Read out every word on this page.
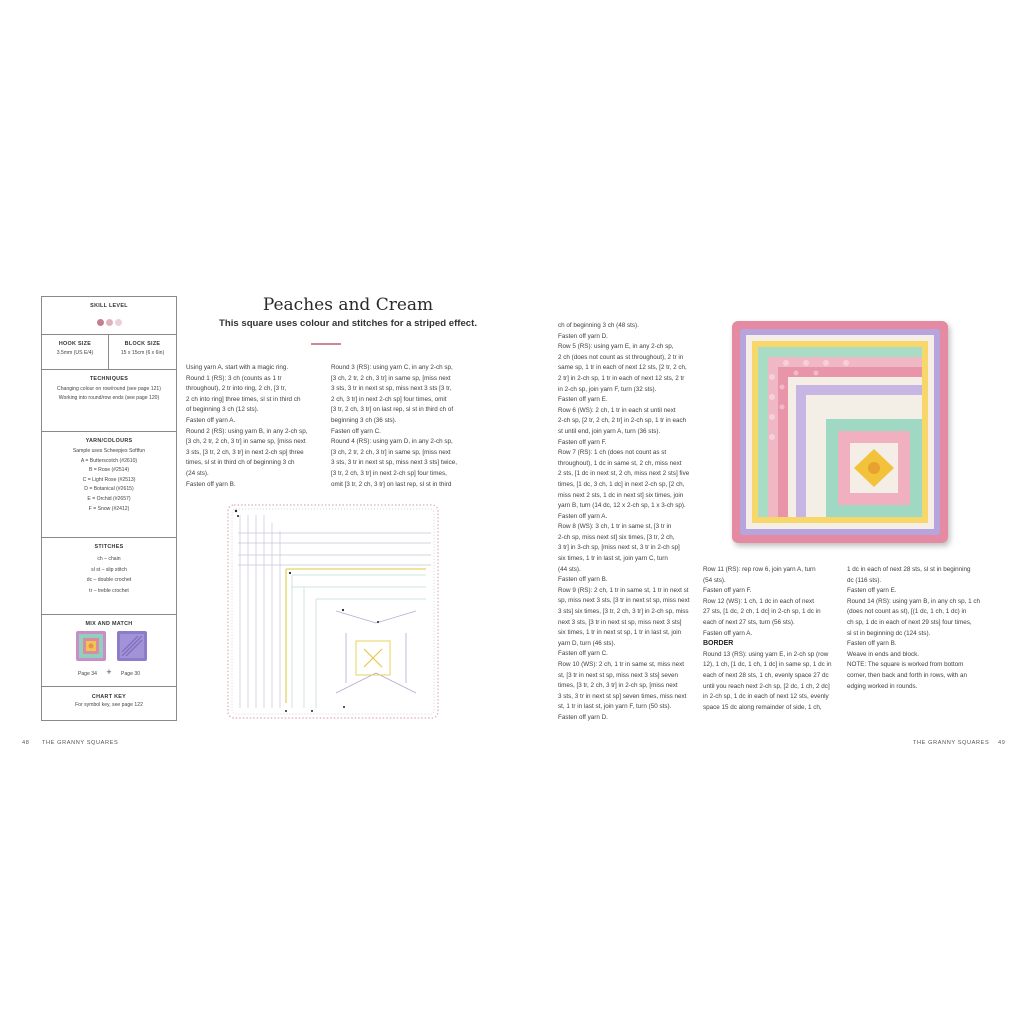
SKILL LEVEL
HOOK SIZE
3.5mm (US E/4)
BLOCK SIZE
15 x 15cm (6 x 6in)
TECHNIQUES
Changing colour on row/round (see page 121)
Working into round/row ends (see page 120)
YARN/COLOURS
Sample uses Scheepjes Softfun
A = Butterscotch (#2610)
B = Rose (#2514)
C = Light Rose (#2513)
D = Botanical (#2615)
E = Orchid (#2657)
F = Snow (#2412)
STITCHES
ch – chain
sl st – slip stitch
dc – double crochet
tr – treble crochet
MIX AND MATCH
Page 34 + Page 30
CHART KEY
For symbol key, see page 122
Peaches and Cream
This square uses colour and stitches for a striped effect.
Using yarn A, start with a magic ring.
Round 1 (RS): 3 ch (counts as 1 tr
throughout), 2 tr into ring, 2 ch, [3 tr,
2 ch into ring] three times, sl st in third ch
of beginning 3 ch (12 sts).
Fasten off yarn A.
Round 2 (RS): using yarn B, in any 2-ch sp,
[3 ch, 2 tr, 2 ch, 3 tr] in same sp, [miss next
3 sts, [3 tr, 2 ch, 3 tr] in next 2-ch sp] three
times, sl st in third ch of beginning 3 ch
(24 sts).
Fasten off yarn B.
Round 3 (RS): using yarn C, in any 2-ch sp,
[3 ch, 2 tr, 2 ch, 3 tr] in same sp, [miss next
3 sts, 3 tr in next st sp, miss next 3 sts [3 tr,
2 ch, 3 tr] in next 2-ch sp] four times, omit
[3 tr, 2 ch, 3 tr] on last rep, sl st in third ch of
beginning 3 ch (36 sts).
Fasten off yarn C.
Round 4 (RS): using yarn D, in any 2-ch sp,
[3 ch, 2 tr, 2 ch, 3 tr] in same sp, [miss next
3 sts, 3 tr in next st sp, miss next 3 sts] twice,
[3 tr, 2 ch, 3 tr] in next 2-ch sp] four times,
omit [3 tr, 2 ch, 3 tr] on last rep, sl st in third
ch of beginning 3 ch (48 sts).
Fasten off yarn D.
Row 5 (RS): using yarn E, in any 2-ch sp,
2 ch (does not count as st throughout), 2 tr in
same sp, 1 tr in each of next 12 sts, [2 tr, 2 ch,
2 tr] in 2-ch sp, 1 tr in each of next 12 sts, 2 tr
in 2-ch sp, join yarn F, turn (32 sts).
Fasten off yarn E.
Row 6 (WS): 2 ch, 1 tr in each st until next
2-ch sp, [2 tr, 2 ch, 2 tr] in 2-ch sp, 1 tr in each
st until end, join yarn A, turn (36 sts).
Fasten off yarn F.
Row 7 (RS): 1 ch (does not count as st
throughout), 1 dc in same st, 2 ch, miss next
2 sts, [1 dc in next st, 2 ch, miss next 2 sts] five
times, [1 dc, 3 ch, 1 dc] in next 2-ch sp, [2 ch,
miss next 2 sts, 1 dc in next st] six times, join
yarn B, turn (14 dc, 12 x 2-ch sp, 1 x 3-ch sp).
Fasten off yarn A.
Row 8 (WS): 3 ch, 1 tr in same st, [3 tr in
2-ch sp, miss next st] six times, [3 tr, 2 ch,
3 tr] in 3-ch sp, [miss next st, 3 tr in 2-ch sp]
six times, 1 tr in last st, join yarn C, turn
(44 sts).
Fasten off yarn B.
Row 9 (RS): 2 ch, 1 tr in same st, 1 tr in next st
sp, miss next 3 sts, [3 tr in next st sp, miss next
3 sts] six times, [3 tr, 2 ch, 3 tr] in 2-ch sp, miss
next 3 sts, [3 tr in next st sp, miss next 3 sts]
six times, 1 tr in next st sp, 1 tr in last st, join
yarn D, turn (46 sts).
Fasten off yarn C.
Row 10 (WS): 2 ch, 1 tr in same st, miss next
st, [3 tr in next st sp, miss next 3 sts] seven
times, [3 tr, 2 ch, 3 tr] in 2-ch sp, [miss next
3 sts, 3 tr in next st sp] seven times, miss next
st, 1 tr in last st, join yarn F, turn (50 sts).
Fasten off yarn D.
Row 11 (RS): rep row 6, join yarn A, turn
(54 sts).
Fasten off yarn F.
Row 12 (WS): 1 ch, 1 dc in each of next
27 sts, [1 dc, 2 ch, 1 dc] in 2-ch sp, 1 dc in
each of next 27 sts, turn (56 sts).
Fasten off yarn A.
BORDER
Round 13 (RS): using yarn E, in 2-ch sp (row
12), 1 ch, [1 dc, 1 ch, 1 dc] in same sp, 1 dc in
each of next 28 sts, 1 ch, evenly space 27 dc
until you reach next 2-ch sp, [2 dc, 1 ch, 2 dc]
in 2-ch sp, 1 dc in each of next 12 sts, evenly
space 15 dc along remainder of side, 1 ch,
1 dc in each of next 28 sts, sl st in beginning
dc (116 sts).
Fasten off yarn E.
Round 14 (RS): using yarn B, in any ch sp, 1 ch
(does not count as st), [(1 dc, 1 ch, 1 dc) in
ch sp, 1 dc in each of next 29 sts] four times,
sl st in beginning dc (124 sts).
Fasten off yarn B.
Weave in ends and block.
NOTE: The square is worked from bottom
corner, then back and forth in rows, with an
edging worked in rounds.
48 THE GRANNY SQUARES	THE GRANNY SQUARES 49
